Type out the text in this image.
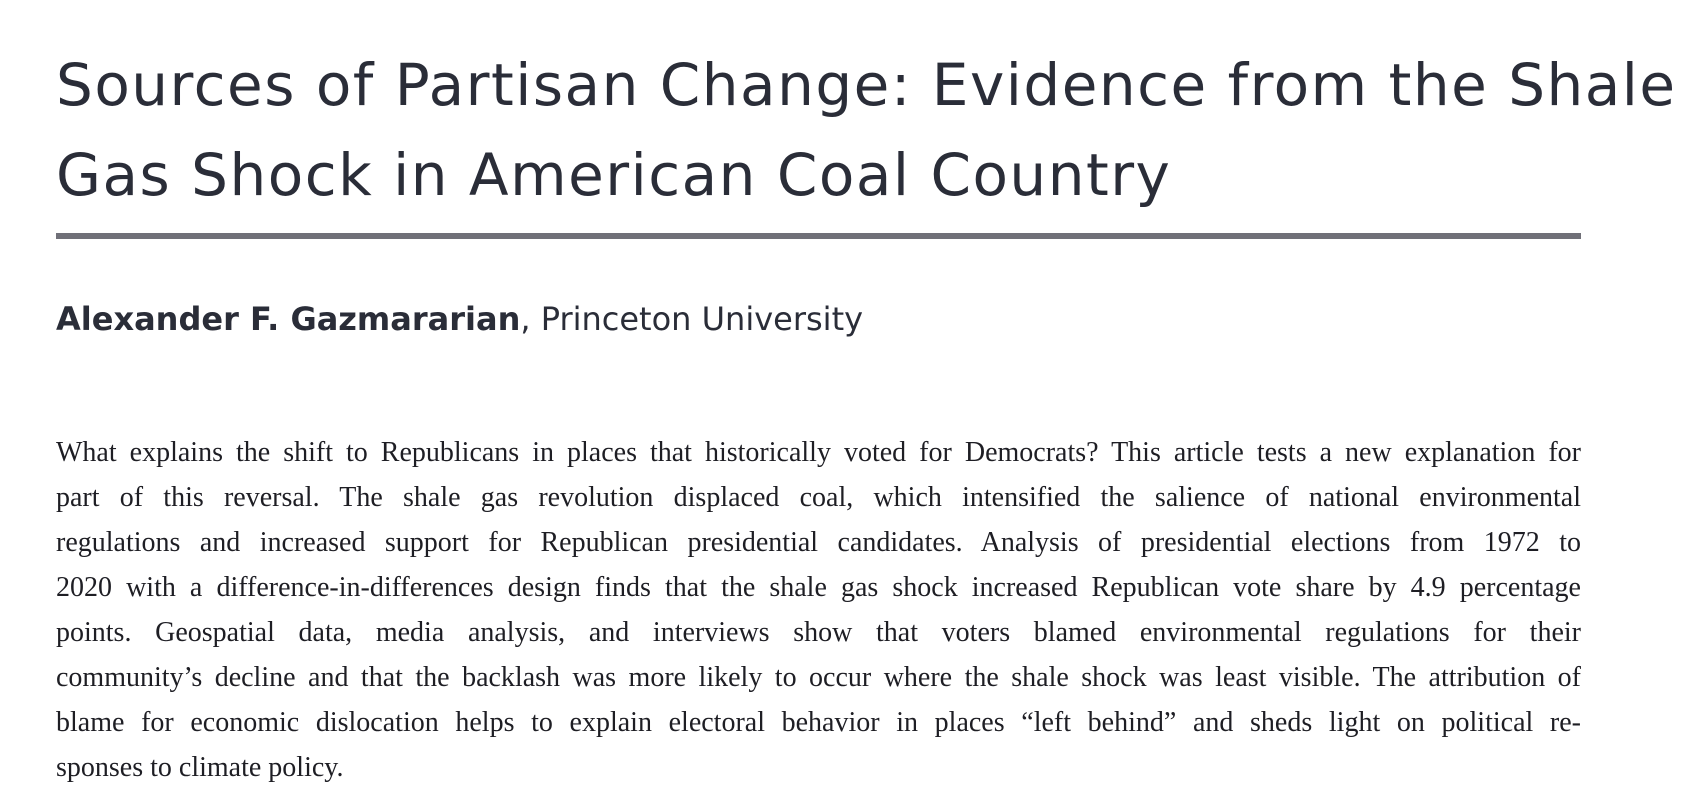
Sources of Partisan Change: Evidence from the Shale
Gas Shock in American Coal Country
Alexander F. Gazmararian, Princeton University
What explains the shift to Republicans in places that historically voted for Democrats? This article tests a new explanation for
part of this reversal. The shale gas revolution displaced coal, which intensified the salience of national environmental
regulations and increased support for Republican presidential candidates. Analysis of presidential elections from 1972 to
2020 with a difference-in-differences design finds that the shale gas shock increased Republican vote share by 4.9 percentage
points. Geospatial data, media analysis, and interviews show that voters blamed environmental regulations for their
community’s decline and that the backlash was more likely to occur where the shale shock was least visible. The attribution of
blame for economic dislocation helps to explain electoral behavior in places “left behind” and sheds light on political re-
sponses to climate policy.
